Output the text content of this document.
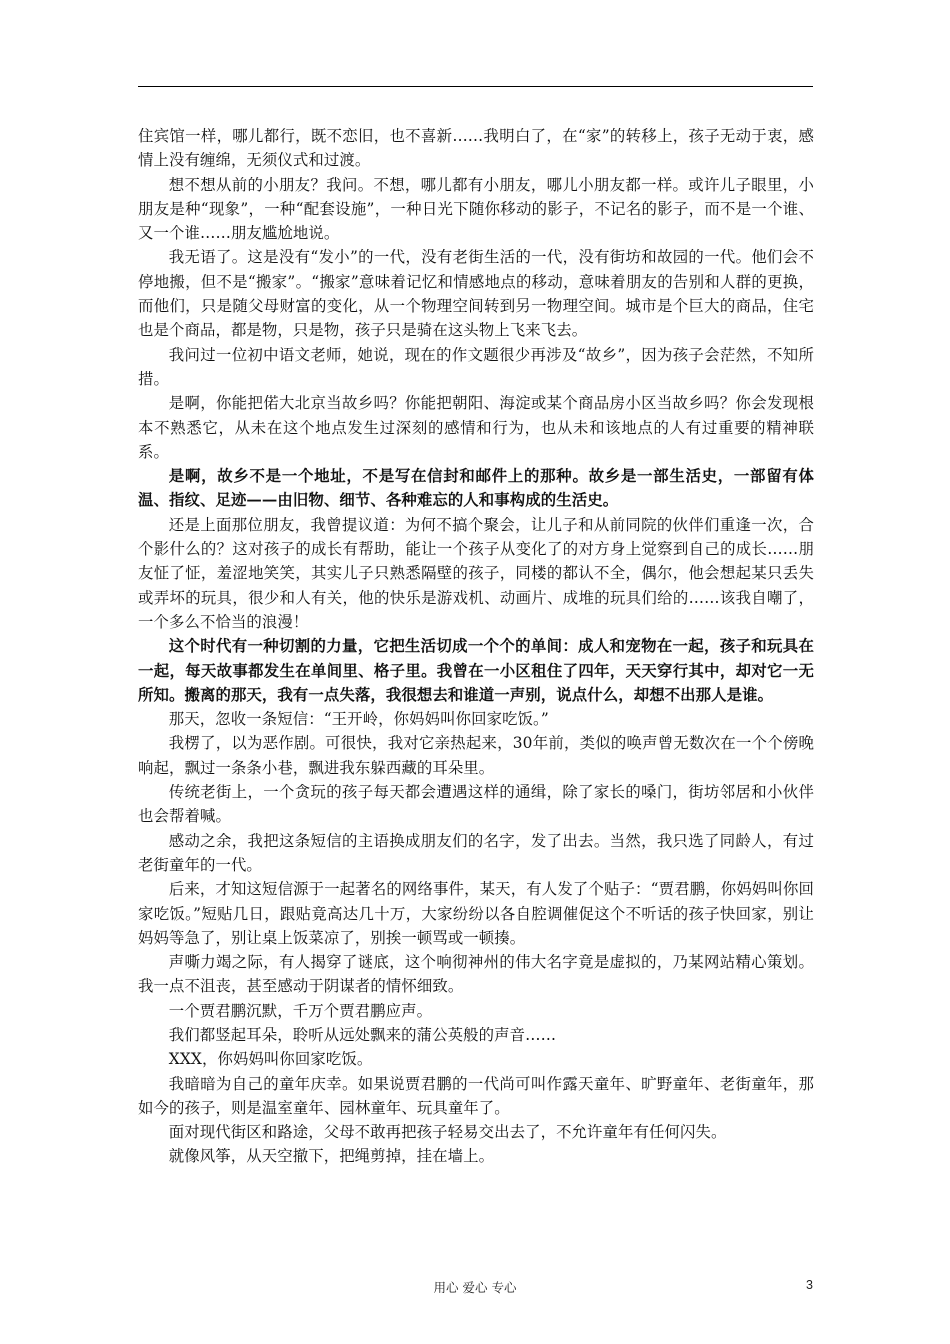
住宾馆一样，哪儿都行，既不恋旧，也不喜新……我明白了，在“家”的转移上，孩子无动于衷，感情上没有缠绵，无须仪式和过渡。

想不想从前的小朋友？我问。不想，哪儿都有小朋友，哪儿小朋友都一样。或许儿子眼里，小朋友是种“现象”，一种“配套设施”，一种日光下随你移动的影子，不记名的影子，而不是一个谁、又一个谁……朋友尴尬地说。

我无语了。这是没有“发小”的一代，没有老街生活的一代，没有街坊和故园的一代。他们会不停地搬，但不是“搬家”。“搬家”意味着记忆和情感地点的移动，意味着朋友的告别和人群的更换，而他们，只是随父母财富的变化，从一个物理空间转到另一物理空间。城市是个巨大的商品，住宅也是个商品，都是物，只是物，孩子只是骑在这头物上飞来飞去。

我问过一位初中语文老师，她说，现在的作文题很少再涉及“故乡”，因为孩子会茫然，不知所措。

是啊，你能把偌大北京当故乡吗？你能把朝阳、海淀或某个商品房小区当故乡吗？你会发现根本不熟悉它，从未在这个地点发生过深刻的感情和行为，也从未和该地点的人有过重要的精神联系。

是啊，故乡不是一个地址，不是写在信封和邮件上的那种。故乡是一部生活史，一部留有体温、指纹、足迹——由旧物、细节、各种难忘的人和事构成的生活史。

还是上面那位朋友，我曾提议道：为何不搞个聚会，让儿子和从前同院的伙伴们重逢一次，合个影什么的？这对孩子的成长有帮助，能让一个孩子从变化了的对方身上觉察到自己的成长……朋友怔了怔，羞涩地笑笑，其实儿子只熟悉隔壁的孩子，同楼的都认不全，偶尔，他会想起某只丢失或弄坏的玩具，很少和人有关，他的快乐是游戏机、动画片、成堆的玩具们给的……该我自嘲了，一个多么不恰当的浪漫！

这个时代有一种切割的力量，它把生活切成一个个的单间：成人和宠物在一起，孩子和玩具在一起，每天故事都发生在单间里、格子里。我曾在一小区租住了四年，天天穿行其中，却对它一无所知。搬离的那天，我有一点失落，我很想去和谁道一声别，说点什么，却想不出那人是谁。

那天，忽收一条短信：“王开岭，你妈妈叫你回家吃饭。”

我楞了，以为恶作剧。可很快，我对它亲热起来，30年前，类似的唤声曾无数次在一个个傍晚响起，飘过一条条小巷，飘进我东躲西藏的耳朵里。

传统老街上，一个贪玩的孩子每天都会遭遇这样的通缉，除了家长的嗓门，街坊邻居和小伙伴也会帮着喊。

感动之余，我把这条短信的主语换成朋友们的名字，发了出去。当然，我只选了同龄人，有过老街童年的一代。

后来，才知这短信源于一起著名的网络事件，某天，有人发了个贴子：“贾君鹏，你妈妈叫你回家吃饭。”短贴几日，跟贴竟高达几十万，大家纷纷以各自腔调催促这个不听话的孩子快回家，别让妈妈等急了，别让桌上饭菜凉了，别挨一顿骂或一顿揍。

声嘶力竭之际，有人揭穿了谜底，这个响彻神州的伟大名字竟是虚拟的，乃某网站精心策划。我一点不沮丧，甚至感动于阴谋者的情怀细致。

一个贾君鹏沉默，千万个贾君鹏应声。

我们都竖起耳朵，聆听从远处飘来的蒲公英般的声音……

XXX，你妈妈叫你回家吃饭。

我暗暗为自己的童年庆幸。如果说贾君鹏的一代尚可叫作露天童年、旷野童年、老街童年，那如今的孩子，则是温室童年、园林童年、玩具童年了。

面对现代街区和路途，父母不敢再把孩子轻易交出去了，不允许童年有任何闪失。

就像风筝，从天空撤下，把绳剪掉，挂在墙上。

用心 爱心 专心	3
